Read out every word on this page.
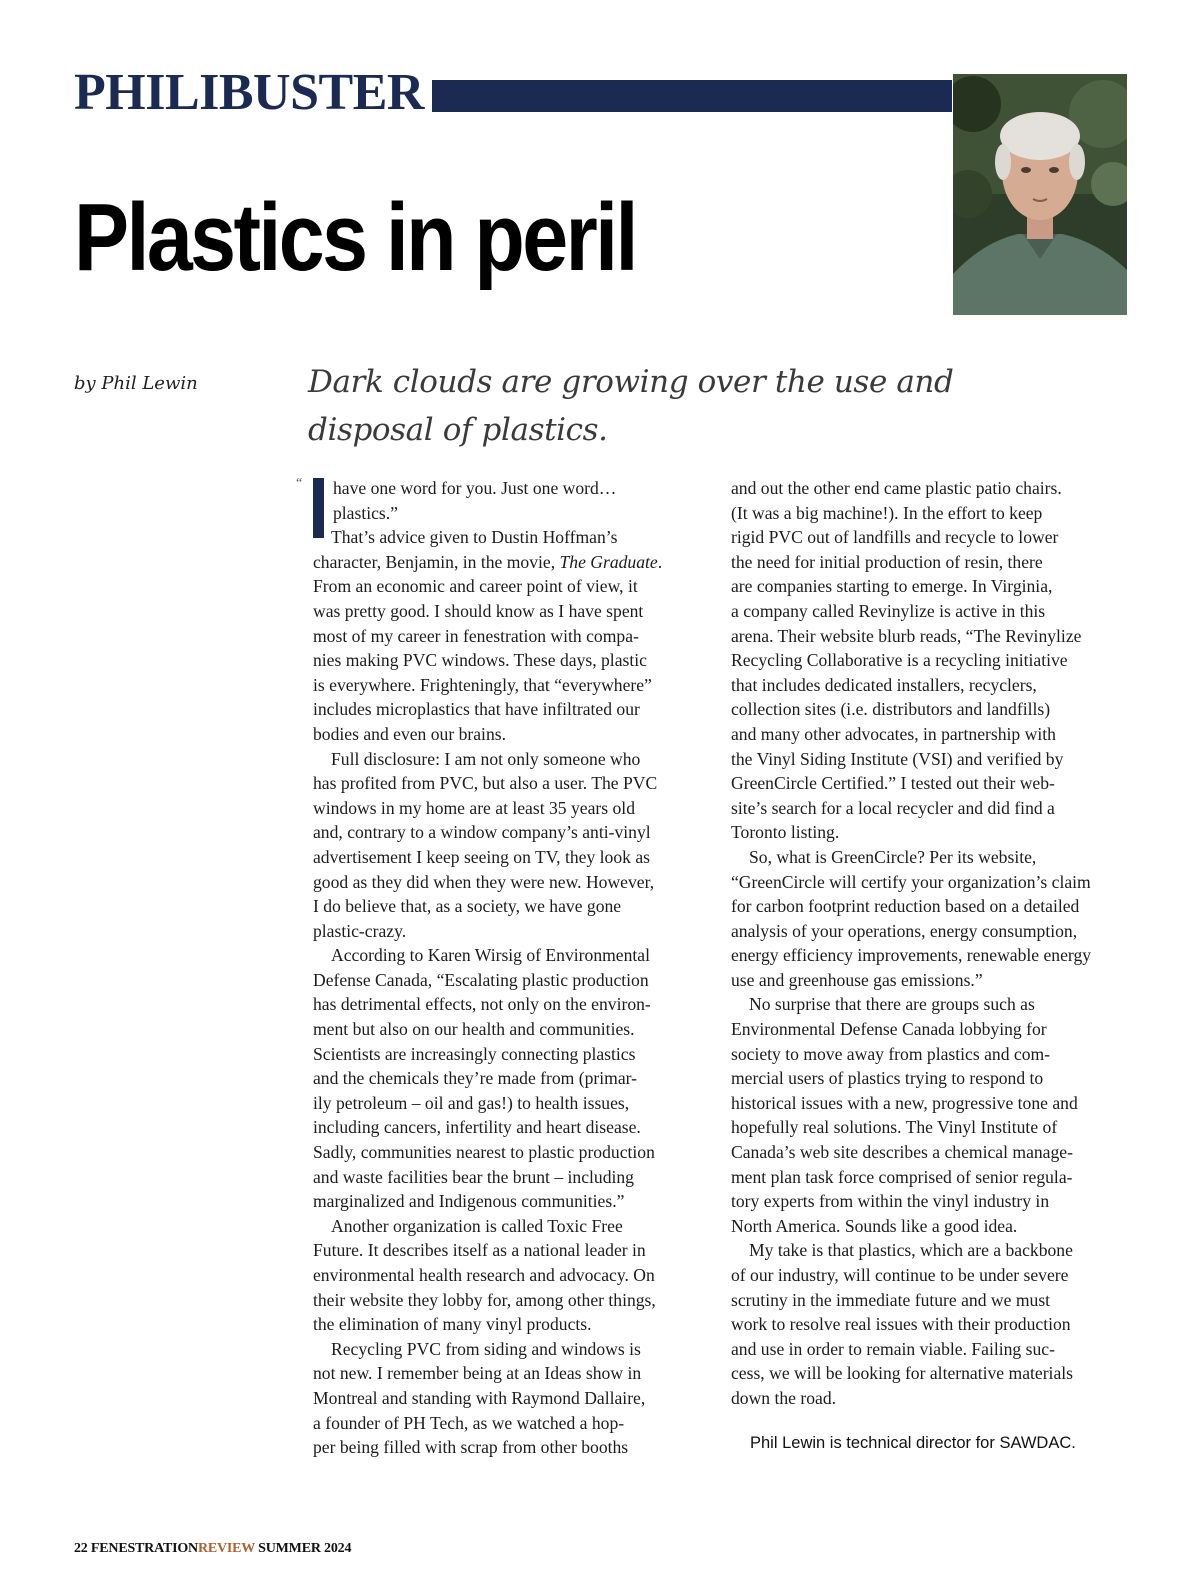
PHILIBUSTER
Plastics in peril
by Phil Lewin	Dark clouds are growing over the use and disposal of plastics.
“ have one word for you. Just one word…
plastics.”

That’s advice given to Dustin Hoffman’s

character, Benjamin, in the movie, The Graduate.
From an economic and career point of view, it
was pretty good. I should know as I have spent
most of my career in fenestration with compa-
nies making PVC windows. These days, plastic
is everywhere. Frighteningly, that “everywhere”
includes microplastics that have infiltrated our
bodies and even our brains.

Full disclosure: I am not only someone who

has profited from PVC, but also a user. The PVC
windows in my home are at least 35 years old
and, contrary to a window company’s anti-vinyl
advertisement I keep seeing on TV, they look as
good as they did when they were new. However,
I do believe that, as a society, we have gone
plastic-crazy.

According to Karen Wirsig of Environmental

Defense Canada, “Escalating plastic production
has detrimental effects, not only on the environ-
ment but also on our health and communities.
Scientists are increasingly connecting plastics
and the chemicals they’re made from (primar-
ily petroleum – oil and gas!) to health issues,
including cancers, infertility and heart disease.
Sadly, communities nearest to plastic production
and waste facilities bear the brunt – including
marginalized and Indigenous communities.”

Another organization is called Toxic Free

Future. It describes itself as a national leader in
environmental health research and advocacy. On
their website they lobby for, among other things,
the elimination of many vinyl products.

Recycling PVC from siding and windows is

not new. I remember being at an Ideas show in
Montreal and standing with Raymond Dallaire,
a founder of PH Tech, as we watched a hop-
per being filled with scrap from other booths

and out the other end came plastic patio chairs.
(It was a big machine!). In the effort to keep
rigid PVC out of landfills and recycle to lower
the need for initial production of resin, there
are companies starting to emerge. In Virginia,
a company called Revinylize is active in this
arena. Their website blurb reads, “The Revinylize
Recycling Collaborative is a recycling initiative
that includes dedicated installers, recyclers,
collection sites (i.e. distributors and landfills)
and many other advocates, in partnership with
the Vinyl Siding Institute (VSI) and verified by
GreenCircle Certified.” I tested out their web-
site’s search for a local recycler and did find a
Toronto listing.

So, what is GreenCircle? Per its website,

“GreenCircle will certify your organization’s claim
for carbon footprint reduction based on a detailed
analysis of your operations, energy consumption,
energy efficiency improvements, renewable energy
use and greenhouse gas emissions.”

No surprise that there are groups such as

Environmental Defense Canada lobbying for
society to move away from plastics and com-
mercial users of plastics trying to respond to
historical issues with a new, progressive tone and
hopefully real solutions. The Vinyl Institute of
Canada’s web site describes a chemical manage-
ment plan task force comprised of senior regula-
tory experts from within the vinyl industry in
North America. Sounds like a good idea.

My take is that plastics, which are a backbone

of our industry, will continue to be under severe
scrutiny in the immediate future and we must
work to resolve real issues with their production
and use in order to remain viable. Failing suc-
cess, we will be looking for alternative materials
down the road.

Phil Lewin is technical director for SAWDAC.

22 FENESTRATIONREVIEW SUMMER 2024
